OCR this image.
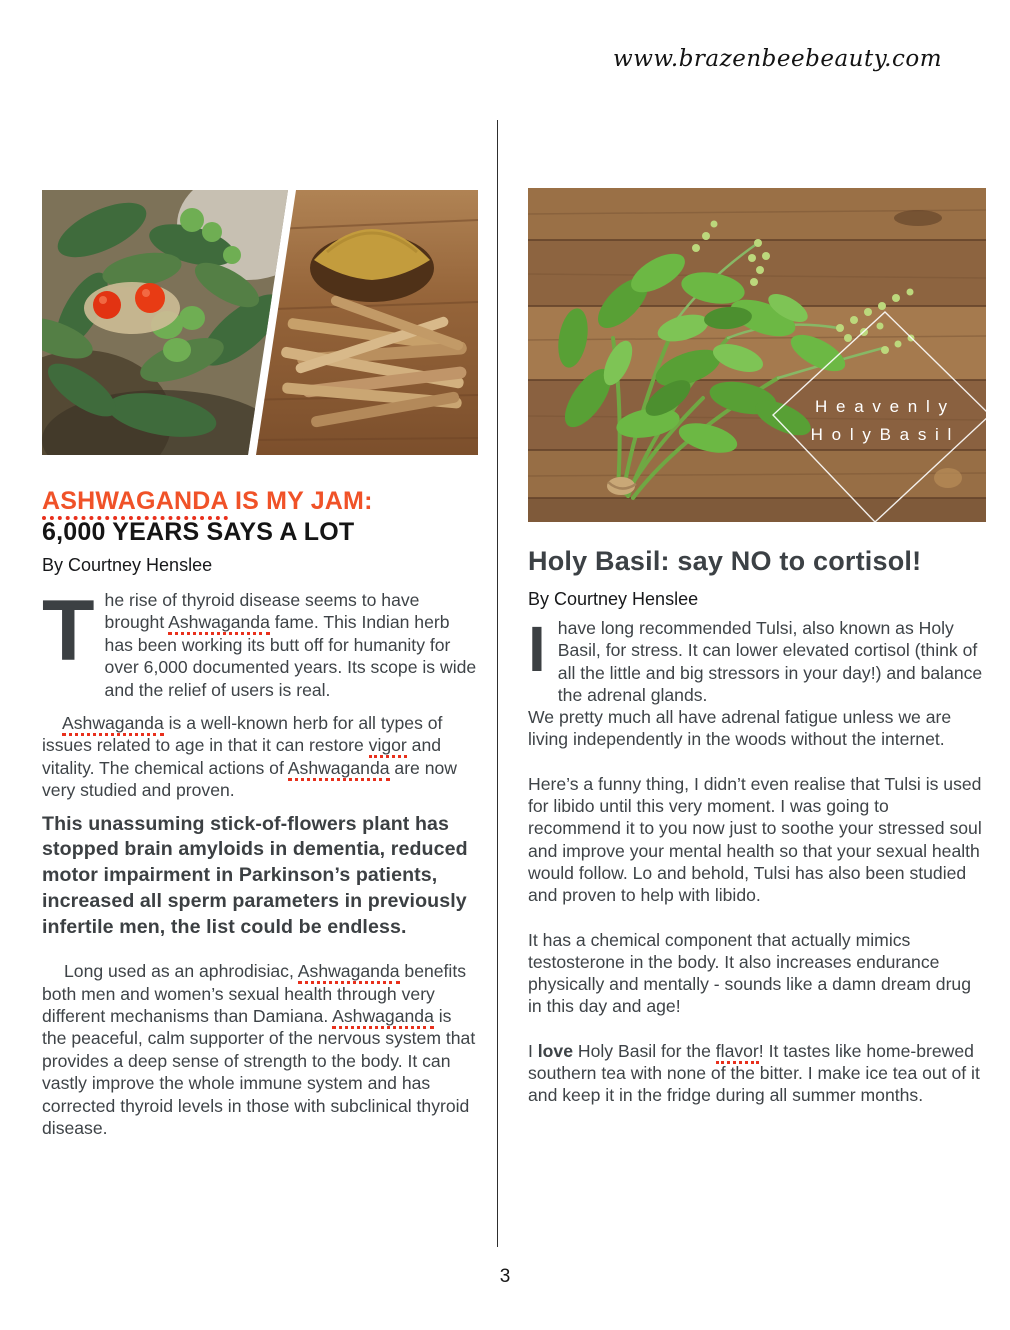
www.brazenbeebeauty.com
ASHWAGANDA IS MY JAM:
6,000 YEARS SAYS A LOT
By Courtney Henslee

The rise of thyroid disease seems to have brought Ashwaganda fame. This Indian herb has been working its butt off for humanity for over 6,000 documented years. Its scope is wide and the relief of users is real.

Ashwaganda is a well-known herb for all types of issues related to age in that it can restore vigor and vitality. The chemical actions of Ashwaganda are now very studied and proven.

This unassuming stick-of-flowers plant has stopped brain amyloids in dementia, reduced motor impairment in Parkinson’s patients, increased all sperm parameters in previously infertile men, the list could be endless.

Long used as an aphrodisiac, Ashwaganda benefits both men and women’s sexual health through very different mechanisms than Damiana. Ashwaganda is the peaceful, calm supporter of the nervous system that provides a deep sense of strength to the body. It can vastly improve the whole immune system and has corrected thyroid levels in those with subclinical thyroid disease.

H e a v e n l y
H o l y B a s i l
Holy Basil: say NO to cortisol!
By Courtney Henslee

Ihave long recommended Tulsi, also known as Holy Basil, for stress. It can lower elevated cortisol (think of all the little and big stressors in your day!) and balance the adrenal glands.

We pretty much all have adrenal fatigue unless we are living independently in the woods without the internet.

Here’s a funny thing, I didn’t even realise that Tulsi is used for libido until this very moment. I was going to recommend it to you now just to soothe your stressed soul and improve your mental health so that your sexual health would follow. Lo and behold, Tulsi has also been studied and proven to help with libido.

It has a chemical component that actually mimics testosterone in the body. It also increases endurance physically and mentally - sounds like a damn dream drug in this day and age!

I love Holy Basil for the flavor! It tastes like home-brewed southern tea with none of the bitter. I make ice tea out of it and keep it in the fridge during all summer months.

3
